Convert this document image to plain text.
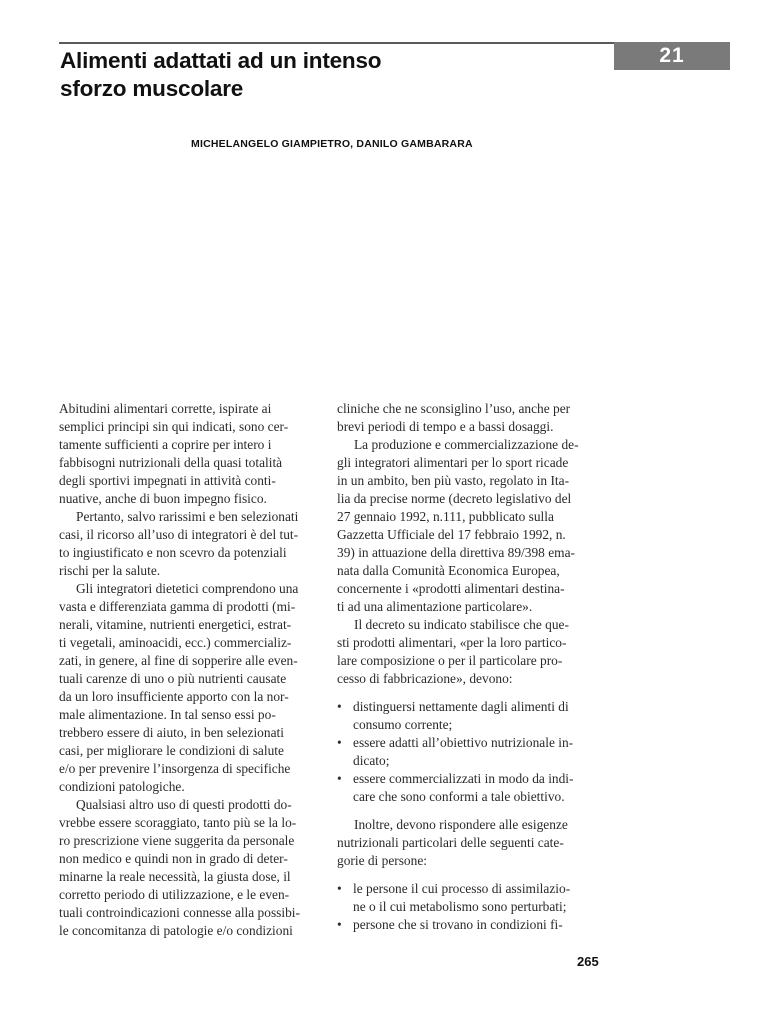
21
Alimenti adattati ad un intenso
sforzo muscolare
MICHELANGELO GIAMPIETRO, DANILO GAMBARARA

Abitudini alimentari corrette, ispirate ai
semplici principi sin qui indicati, sono cer-
tamente sufficienti a coprire per intero i
fabbisogni nutrizionali della quasi totalità
degli sportivi impegnati in attività conti-
nuative, anche di buon impegno fisico.

Pertanto, salvo rarissimi e ben selezionati
casi, il ricorso all’uso di integratori è del tut-
to ingiustificato e non scevro da potenziali
rischi per la salute.

Gli integratori dietetici comprendono una
vasta e differenziata gamma di prodotti (mi-
nerali, vitamine, nutrienti energetici, estrat-
ti vegetali, aminoacidi, ecc.) commercializ-
zati, in genere, al fine di sopperire alle even-
tuali carenze di uno o più nutrienti causate
da un loro insufficiente apporto con la nor-
male alimentazione. In tal senso essi po-
trebbero essere di aiuto, in ben selezionati
casi, per migliorare le condizioni di salute
e/o per prevenire l’insorgenza di specifiche
condizioni patologiche.

Qualsiasi altro uso di questi prodotti do-
vrebbe essere scoraggiato, tanto più se la lo-
ro prescrizione viene suggerita da personale
non medico e quindi non in grado di deter-
minarne la reale necessità, la giusta dose, il
corretto periodo di utilizzazione, e le even-
tuali controindicazioni connesse alla possibi-
le concomitanza di patologie e/o condizioni

cliniche che ne sconsiglino l’uso, anche per
brevi periodi di tempo e a bassi dosaggi.

La produzione e commercializzazione de-
gli integratori alimentari per lo sport ricade
in un ambito, ben più vasto, regolato in Ita-
lia da precise norme (decreto legislativo del
27 gennaio 1992, n.111, pubblicato sulla
Gazzetta Ufficiale del 17 febbraio 1992, n.
39) in attuazione della direttiva 89/398 ema-
nata dalla Comunità Economica Europea,
concernente i «prodotti alimentari destina-
ti ad una alimentazione particolare».

Il decreto su indicato stabilisce che que-
sti prodotti alimentari, «per la loro partico-
lare composizione o per il particolare pro-
cesso di fabbricazione», devono:

• distinguersi nettamente dagli alimenti di
consumo corrente;
• essere adatti all’obiettivo nutrizionale in-
dicato;
• essere commercializzati in modo da indi-
care che sono conformi a tale obiettivo.

Inoltre, devono rispondere alle esigenze
nutrizionali particolari delle seguenti cate-
gorie di persone:

• le persone il cui processo di assimilazio-
ne o il cui metabolismo sono perturbati;
• persone che si trovano in condizioni fi-
265
